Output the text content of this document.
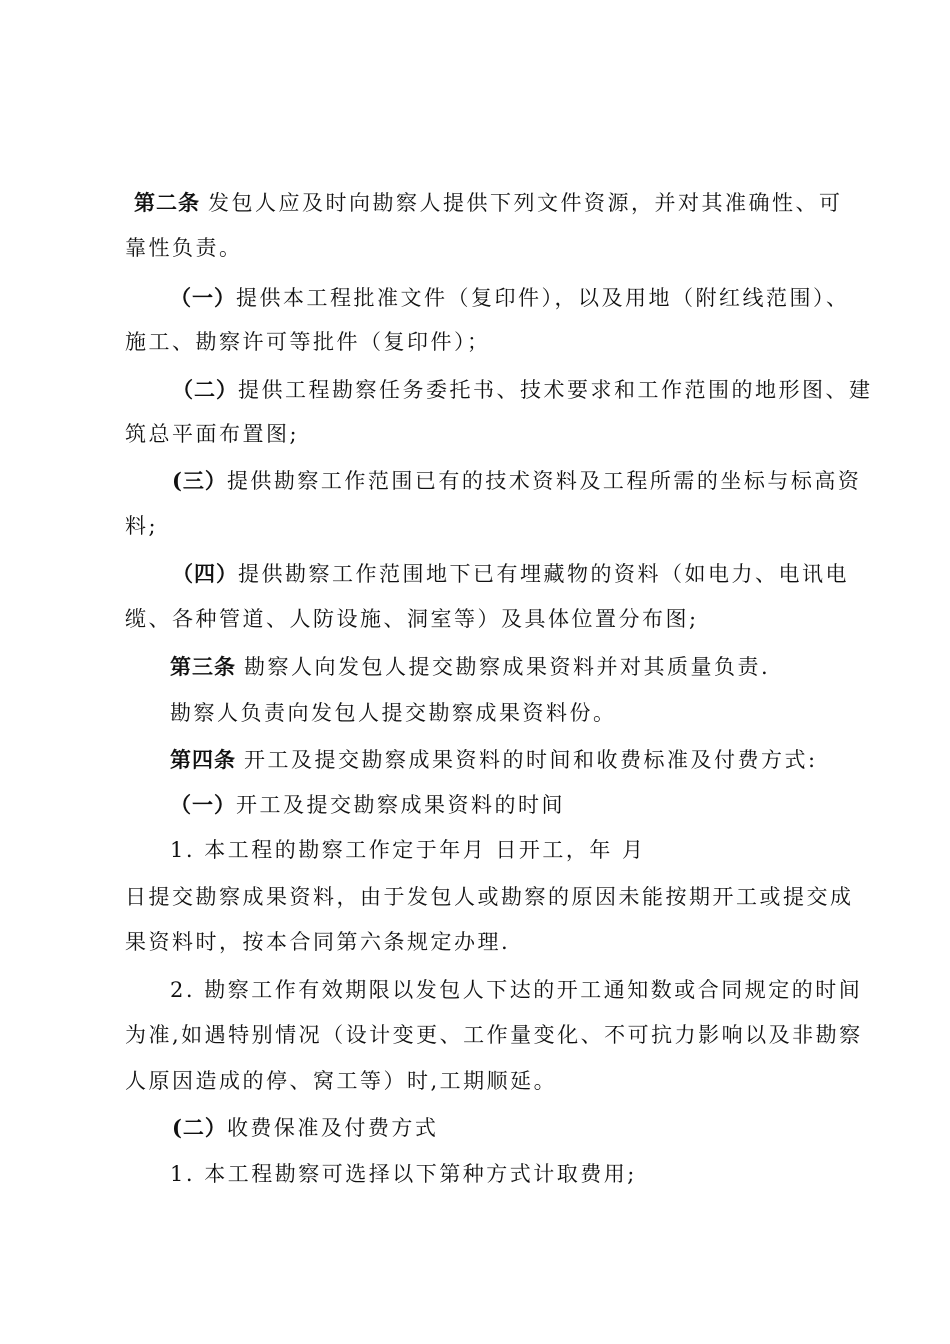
第二条 发包人应及时向勘察人提供下列文件资源，并对其准确性、可
靠性负责。
（一）提供本工程批准文件（复印件），以及用地（附红线范围）、
施工、勘察许可等批件（复印件）；
（二）提供工程勘察任务委托书、技术要求和工作范围的地形图、建
筑总平面布置图;
(三）提供勘察工作范围已有的技术资料及工程所需的坐标与标高资
料;
（四）提供勘察工作范围地下已有埋藏物的资料（如电力、电讯电
缆、各种管道、人防设施、洞室等）及具体位置分布图;
第三条 勘察人向发包人提交勘察成果资料并对其质量负责.
勘察人负责向发包人提交勘察成果资料份。
第四条 开工及提交勘察成果资料的时间和收费标准及付费方式:
（一）开工及提交勘察成果资料的时间
1. 本工程的勘察工作定于年月 日开工，年 月
日提交勘察成果资料，由于发包人或勘察的原因未能按期开工或提交成
果资料时，按本合同第六条规定办理.
2. 勘察工作有效期限以发包人下达的开工通知数或合同规定的时间
为准,如遇特别情况（设计变更、工作量变化、不可抗力影响以及非勘察
人原因造成的停、窝工等）时,工期顺延。
(二）收费保准及付费方式
1. 本工程勘察可选择以下第种方式计取费用;
